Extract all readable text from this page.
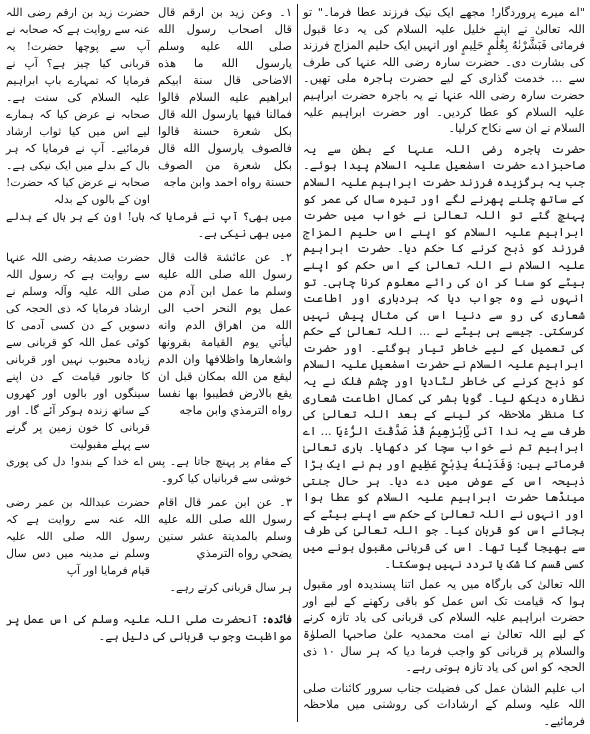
"اے میرے پروردگار! مجھے ایک نیک فرزند عطا فرما۔" تو اللہ تعالیٰ نے اپنے خلیل علیہ السلام کی یہ دعا قبول فرمائی فَبَشَّرْنٰهُ بِغُلٰمٍ حَلِيمٍ اور انہیں ایک حلیم المزاج فرزند کی بشارت دی۔ حضرت سارہ رضی اللہ عنہا کی طرف سے ... خدمت گذاری کے لیے حضرت ہاجرہ ملی تھیں۔ حضرت سارہ رضی اللہ عنہا نے یہ باجرہ حضرت ابراہیم علیہ السلام کو عطا کردیں۔ اور حضرت ابراہیم علیہ السلام نے ان سے نکاح کرلیا۔

حضرت ہاجرہ رضی اللہ عنہا کے بطن سے یہ صاحبزادے حضرت اسمٰعیل علیہ السلام پیدا ہوئے۔ جب یہ برگزیدہ فرزند حضرت ابراہیم علیہ السلام کے ساتھ چلنے پھرنے لگے اور تیرہ سال کی عمر کو پہنچ گئے تو اللہ تعالیٰ نے خواب میں حضرت ابراہیم علیہ السلام کو اپنے اس حلیم المزاج فرزند کو ذبح کرنے کا حکم دیا۔ حضرت ابراہیم علیہ السلام نے اللہ تعالیٰ کے اس حکم کو اپنے بیٹے کو سنا کر ان کی رائے معلوم کرنا چاہی۔ تو انہوں نے وہ جواب دیا کہ بردباری اور اطاعت شعاری کی رو سے دنیا اس کی مثال پیش نہیں کرسکتی۔ جیسے ہی بیٹے نے ... اللہ تعالیٰ کے حکم کی تعمیل کے لیے خاطر تیار ہوگئے۔ اور حضرت ابراہیم علیہ السلام نے حضرت اسمٰعیل علیہ السلام کو ذبح کرنے کی خاطر لٹادیا اور چشم فلک نے یہ نظارہ دیکھ لیا۔ گویا بشر کی کمال اطاعت شعاری کا منظر ملاحظہ کر لینے کے بعد اللہ تعالیٰ کی طرف سے یہ ندا آئی یٰٓاِبْرٰهِيمُ قَدْ صَدَّقْتَ الرُّءْيَا ... اے ابراہیم تم نے خواب سچا کر دکھایا۔ باری تعالیٰ فرماتے ہیں: وَفَدَيْنٰهُ بِذِبْحٍ عَظِيمٍ اور ہم نے ایک بڑا ذبیحہ اس کے عوض میں دے دیا۔ ہر حال جنتی مینڈھا حضرت ابراہیم علیہ السلام کو عطا ہوا اور انہوں نے اللہ تعالیٰ کے حکم سے اپنے بیٹے کے بجائے اس کو قربان کیا۔ جو اللہ تعالیٰ کی طرف سے بھیجا گیا تھا۔ اس کی قربانی مقبول ہونے میں کسی قسم کا شک یا تردد نہیں ہوسکتا۔

اللہ تعالیٰ کی بارگاہ میں یہ عمل اتنا پسندیدہ اور مقبول ہوا کہ قیامت تک اس عمل کو باقی رکھنے کے لیے اور حضرت ابراہیم علیہ السلام کی قربانی کی یاد تازہ کرنے کے لیے اللہ تعالیٰ نے امت محمدیہ علیٰ صاحبہا الصلوٰۃ والسلام پر قربانی کو واجب فرما دیا کہ ہر سال ۱۰ ذی الحجہ کو اس کی یاد تازہ ہوتی رہے۔

اب علیم الشان عمل کی فضیلت جناب سرور کائنات صلی اللہ علیہ وسلم کے ارشادات کی روشنی میں ملاحظہ فرمائیے۔

۱۔ وعن زيد بن ارقم قال قال اصحاب رسول الله صلى الله عليه وسلم يارسول الله ما هذه الاضاحی قال سنة ابيكم ابراهيم عليه السلام قالوا فمالنا فيها يارسول الله قال بكل شعرة حسنة قالوا فالصوف يارسول الله قال بكل شعرة من الصوف حسنة رواه احمد وابن ماجه
حضرت زید بن ارقم رضی اللہ عنہ سے روایت ہے کہ صحابہ نے آپ سے پوچھا حضرت! یہ قربانی کیا چیز ہے؟ آپ نے فرمایا کہ تمہارے باپ ابراہیم علیہ السلام کی سنت ہے۔ صحابہ نے عرض کیا کہ ہمارے لیے اس میں کیا ثواب ارشاد فرمائیے۔ آپ نے فرمایا کہ ہر بال کے بدلے میں ایک نیکی ہے۔ صحابہ نے عرض کیا کہ حضرت! اون کے بالوں کے بدلہ
میں بھی؟ آپ نے فرمایا کہ ہاں! اون کے ہر بال کے بدلے میں بھی نیکی ہے۔
۲۔ عن عائشة قالت قال رسول الله صلى الله عليه وسلم ما عمل ابن آدم من عمل يوم النحر احب الى الله من اهراق الدم وانه ليأتي يوم القيامة بقرونها واشعارها واظلافها وان الدم ليقع من الله بمكان قبل ان يقع بالارض فطيبوا بها نفسا رواه الترمذي وابن ماجه
حضرت صدیقہ رضی اللہ عنہا سے روایت ہے کہ رسول اللہ صلی اللہ علیہ وآلہ وسلم نے ارشاد فرمایا کہ ذی الحجہ کی دسویں کے دن کسی آدمی کا کوئی عمل اللہ کو قربانی سے زیادہ محبوب نہیں اور قربانی کا جانور قیامت کے دن اپنے سینگوں اور بالوں اور کھروں کے ساتھ زندہ ہوکر آئے گا۔ اور قربانی کا خون زمین پر گرنے سے پہلے مقبولیت
کے مقام پر پہنچ جاتا ہے۔ پس اے خدا کے بندو! دل کی پوری خوشی سے قربانیاں کیا کرو۔
۳۔ عن ابن عمر قال اقام رسول الله صلى الله عليه وسلم بالمدينة عشر سنين يضحي رواه الترمذي
حضرت عبداللہ بن عمر رضی اللہ عنہ سے روایت ہے کہ رسول اللہ صلی اللہ علیہ وسلم نے مدینہ میں دس سال قیام فرمایا اور آپ
ہر سال قربانی کرتے رہے۔

فائدہ: آنحضرت صلی اللہ علیہ وسلم کی اس عمل پر مواظبت وجوب قربانی کی دلیل ہے۔
